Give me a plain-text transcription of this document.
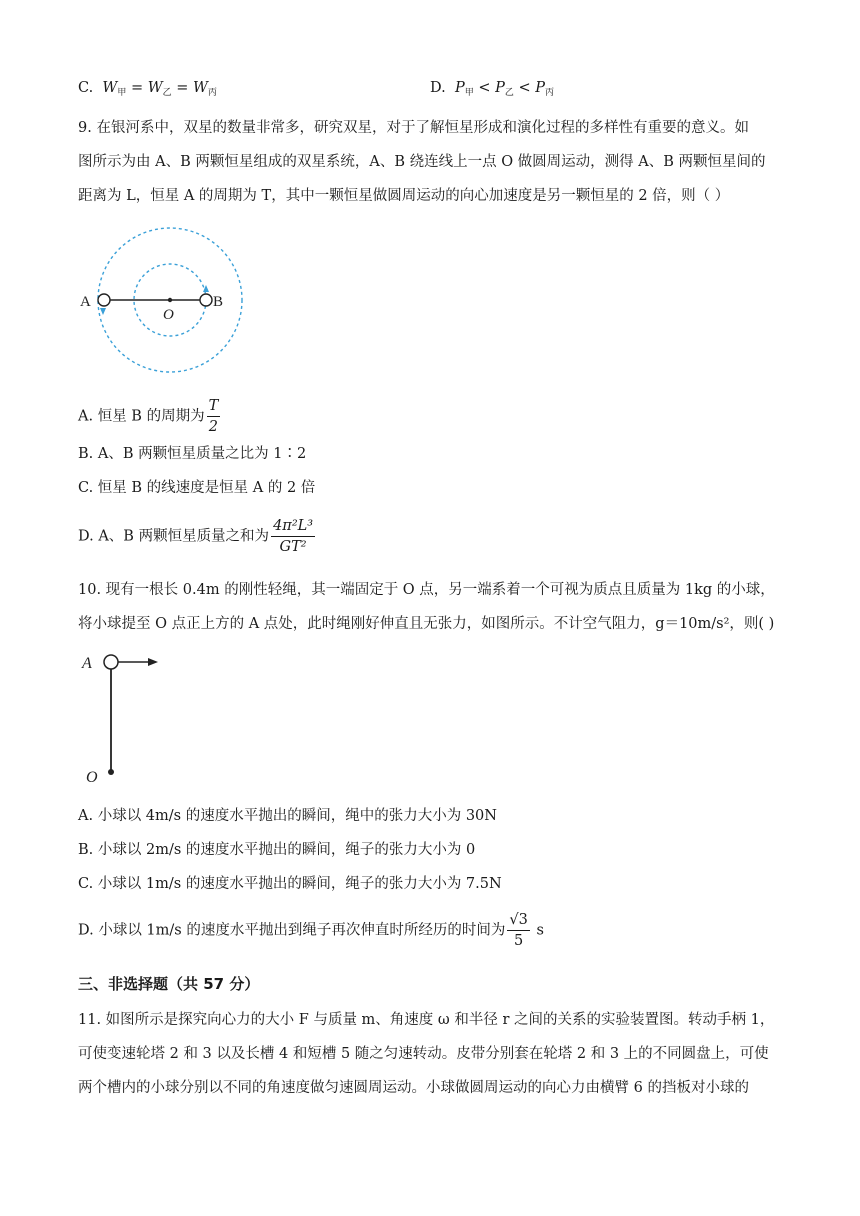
C. $W_甲 = W_乙 = W_丙$	D. $P_甲 < P_乙 < P_丙$
9. 在银河系中，双星的数量非常多，研究双星，对于了解恒星形成和演化过程的多样性有重要的意义。如
图所示为由 A、B 两颗恒星组成的双星系统，A、B 绕连线上一点 O 做圆周运动，测得 A、B 两颗恒星间的
距离为 L，恒星 A 的周期为 T，其中一颗恒星做圆周运动的向心加速度是另一颗恒星的 2 倍，则（ ）
A	B
O
A. 恒星 B 的周期为 $\frac{T}{2}$
B. A、B 两颗恒星质量之比为 1∶2
C. 恒星 B 的线速度是恒星 A 的 2 倍
D. A、B 两颗恒星质量之和为 $\frac{\text{4π²L³}}{\text{GT²}}$
10. 现有一根长 0.4m 的刚性轻绳，其一端固定于 O 点，另一端系着一个可视为质点且质量为 1kg 的小球，
将小球提至 O 点正上方的 A 点处，此时绳刚好伸直且无张力，如图所示。不计空气阻力，g＝10m/s²，则( )
A
O
A. 小球以 4m/s 的速度水平抛出的瞬间，绳中的张力大小为 30N
B. 小球以 2m/s 的速度水平抛出的瞬间，绳子的张力大小为 0
C. 小球以 1m/s 的速度水平抛出的瞬间，绳子的张力大小为 7.5N
D. 小球以 1m/s 的速度水平抛出到绳子再次伸直时所经历的时间为 $\frac{√3}{5}$ s
三、非选择题（共 57 分）
11. 如图所示是探究向心力的大小 F 与质量 m、角速度 ω 和半径 r 之间的关系的实验装置图。转动手柄 1，
可使变速轮塔 2 和 3 以及长槽 4 和短槽 5 随之匀速转动。皮带分别套在轮塔 2 和 3 上的不同圆盘上，可使
两个槽内的小球分别以不同的角速度做匀速圆周运动。小球做圆周运动的向心力由横臂 6 的挡板对小球的
